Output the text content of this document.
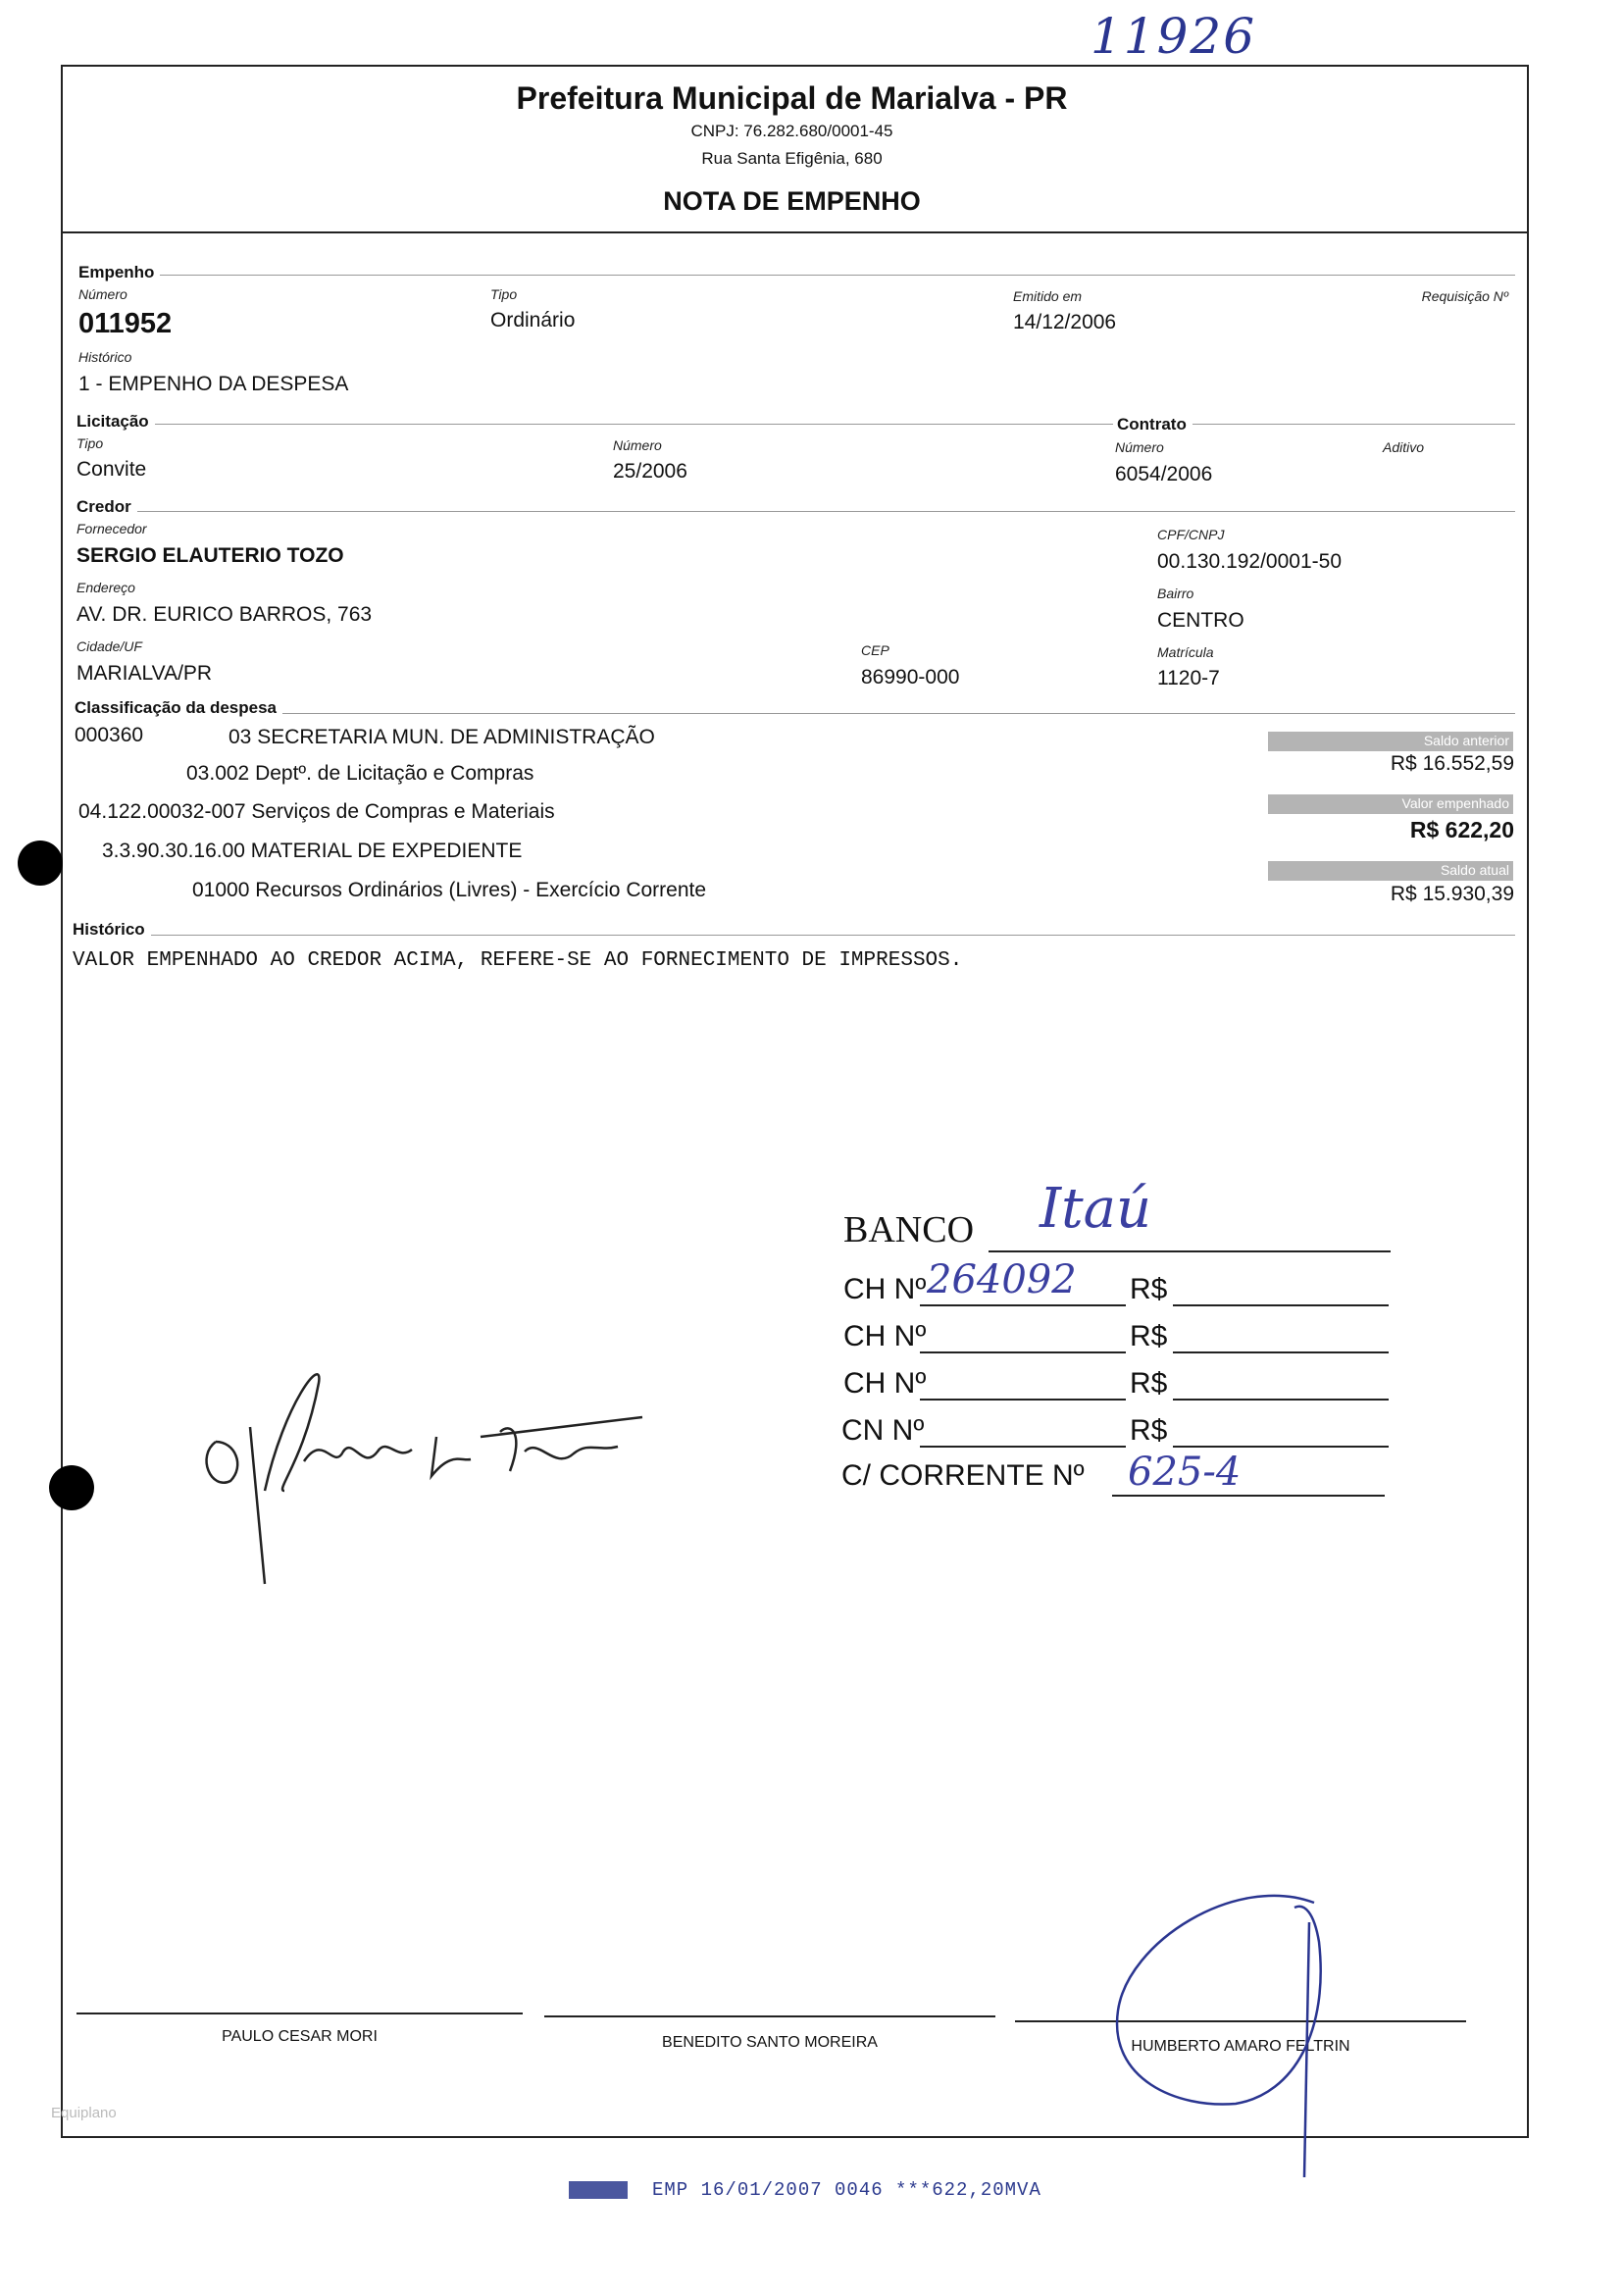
11926
Prefeitura Municipal de Marialva - PR
CNPJ: 76.282.680/0001-45
Rua Santa Efigênia, 680
NOTA DE EMPENHO
Empenho
Número
011952
Tipo
Ordinário
Emitido em
14/12/2006
Requisição Nº
Histórico
1 - EMPENHO DA DESPESA
Licitação	Contrato
Tipo
Convite
Número
25/2006
Número
6054/2006
Aditivo
Credor
Fornecedor
SERGIO ELAUTERIO TOZO
CPF/CNPJ
00.130.192/0001-50
Endereço
AV. DR. EURICO BARROS, 763
Bairro
CENTRO
Cidade/UF
MARIALVA/PR
CEP
86990-000
Matrícula
1120-7
Classificação da despesa
000360	03 SECRETARIA MUN. DE ADMINISTRAÇÃO
03.002 Deptº. de Licitação e Compras
04.122.00032-007 Serviços de Compras e Materiais
3.3.90.30.16.00 MATERIAL DE EXPEDIENTE
01000 Recursos Ordinários (Livres) - Exercício Corrente
Saldo anterior
R$ 16.552,59
Valor empenhado
R$ 622,20
Saldo atual
R$ 15.930,39
Histórico
VALOR EMPENHADO AO CREDOR ACIMA, REFERE-SE AO FORNECIMENTO DE IMPRESSOS.
BANCO Itaú
CH Nº 264092 R$
CH Nº	R$
CH Nº	R$
CN Nº	R$
C/ CORRENTE Nº 625-4
PAULO CESAR MORI	BENEDITO SANTO MOREIRA	HUMBERTO AMARO FELTRIN
Equiplano
EMP 16/01/2007 0046 ***622,20MVA
